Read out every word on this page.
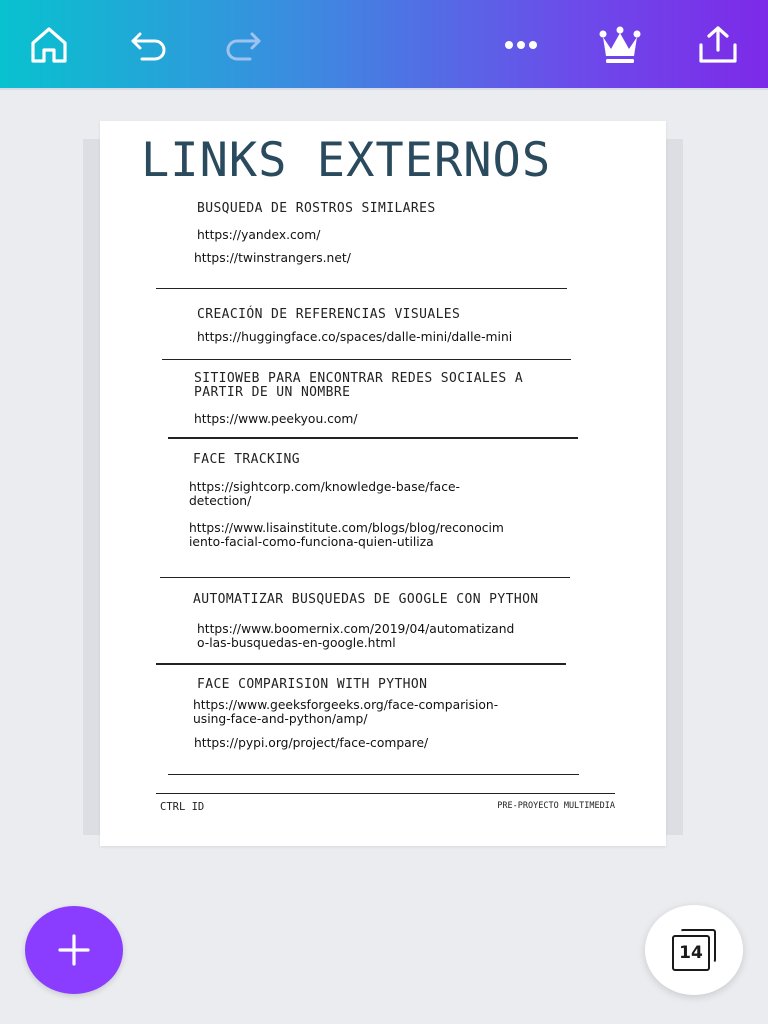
LINKS EXTERNOS
BUSQUEDA DE ROSTROS SIMILARES
https://yandex.com/
https://twinstrangers.net/
CREACIÓN DE REFERENCIAS VISUALES
https://huggingface.co/spaces/dalle-mini/dalle-mini
SITIOWEB PARA ENCONTRAR REDES SOCIALES A
PARTIR DE UN NOMBRE
https://www.peekyou.com/
FACE TRACKING
https://sightcorp.com/knowledge-base/face-
detection/
https://www.lisainstitute.com/blogs/blog/reconocim
iento-facial-como-funciona-quien-utiliza
AUTOMATIZAR BUSQUEDAS DE GOOGLE CON PYTHON
https://www.boomernix.com/2019/04/automatizand
o-las-busquedas-en-google.html
FACE COMPARISION WITH PYTHON
https://www.geeksforgeeks.org/face-comparision-
using-face-and-python/amp/
https://pypi.org/project/face-compare/
CTRL ID	PRE-PROYECTO MULTIMEDIA
14
